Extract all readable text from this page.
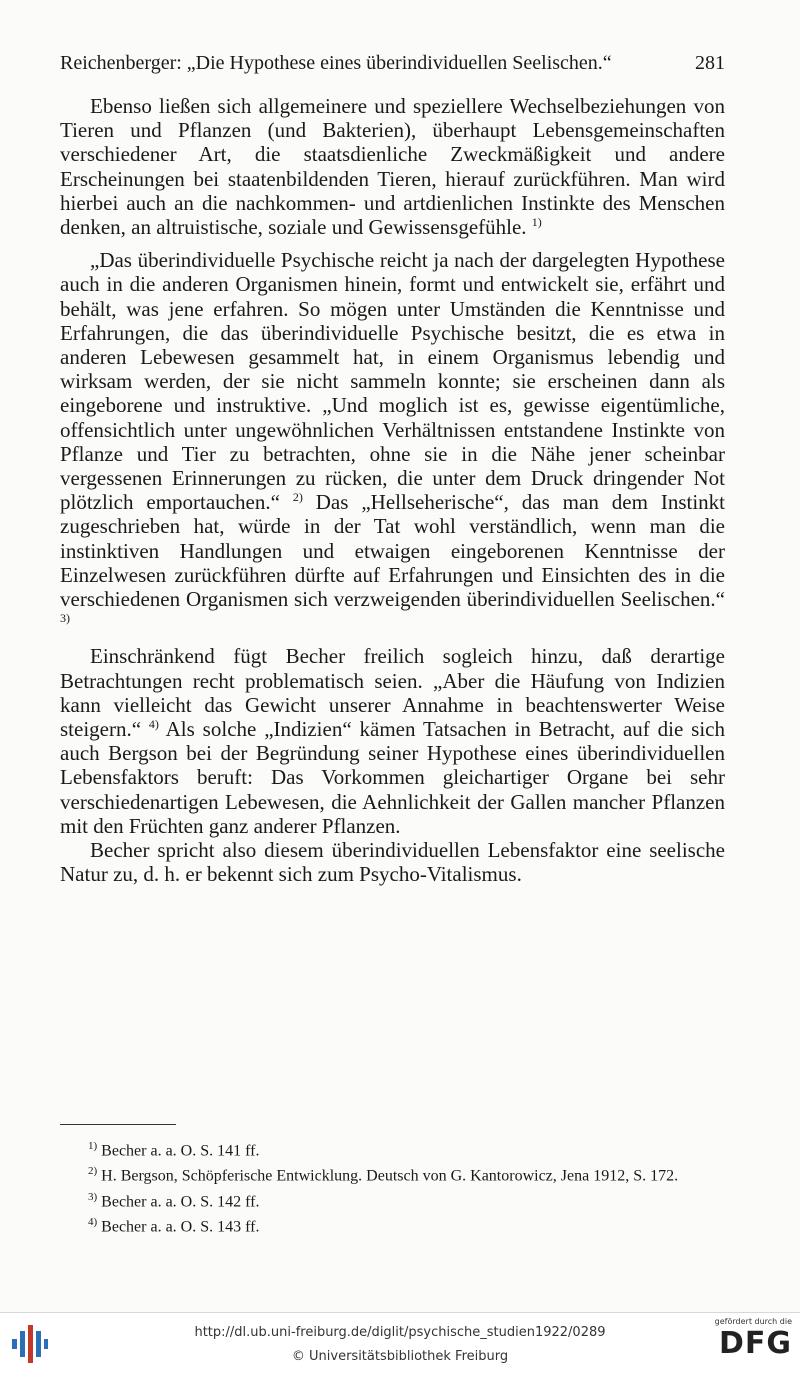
Reichenberger: „Die Hypothese eines überindividuellen Seelischen.“	281

Ebenso ließen sich allgemeinere und speziellere Wechselbeziehungen von Tieren und Pflanzen (und Bakterien), überhaupt Lebensgemeinschaften verschiedener Art, die staatsdienliche Zweckmäßigkeit und andere Erscheinungen bei staatenbildenden Tieren, hierauf zurückführen. Man wird hierbei auch an die nachkommen- und artdienlichen Instinkte des Menschen denken, an altruistische, soziale und Gewissensgefühle. $^{1)}$

„Das überindividuelle Psychische reicht ja nach der dargelegten Hypothese auch in die anderen Organismen hinein, formt und entwickelt sie, erfährt und behält, was jene erfahren. So mögen unter Umständen die Kenntnisse und Erfahrungen, die das überindividuelle Psychische besitzt, die es etwa in anderen Lebewesen gesammelt hat, in einem Organismus lebendig und wirksam werden, der sie nicht sammeln konnte; sie erscheinen dann als eingeborene und instruktive. „Und moglich ist es, gewisse eigentümliche, offensichtlich unter ungewöhnlichen Verhältnissen entstandene Instinkte von Pflanze und Tier zu betrachten, ohne sie in die Nähe jener scheinbar vergessenen Erinnerungen zu rücken, die unter dem Druck dringender Not plötzlich emportauchen.“ $^{2)}$ Das „Hellseherische“, das man dem Instinkt zugeschrieben hat, würde in der Tat wohl verständlich, wenn man die instinktiven Handlungen und etwaigen eingeborenen Kenntnisse der Einzelwesen zurückführen dürfte auf Erfahrungen und Einsichten des in die verschiedenen Organismen sich verzweigenden überindividuellen Seelischen.“ $^{3)}$

Einschränkend fügt Becher freilich sogleich hinzu, daß derartige Betrachtungen recht problematisch seien. „Aber die Häufung von Indizien kann vielleicht das Gewicht unserer Annahme in beachtenswerter Weise steigern.“ $^{4)}$ Als solche „Indizien“ kämen Tatsachen in Betracht, auf die sich auch Bergson bei der Begründung seiner Hypothese eines überindividuellen Lebensfaktors beruft: Das Vorkommen gleichartiger Organe bei sehr verschiedenartigen Lebewesen, die Aehnlichkeit der Gallen mancher Pflanzen mit den Früchten ganz anderer Pflanzen.

Becher spricht also diesem überindividuellen Lebensfaktor eine seelische Natur zu, d. h. er bekennt sich zum Psycho-Vitalismus.

$^{1)}$ Becher a. a. O. S. 141 ff.

$^{2)}$ H. Bergson, Schöpferische Entwicklung. Deutsch von G. Kantorowicz, Jena 1912, S. 172.

$^{3)}$ Becher a. a. O. S. 142 ff.

$^{4)}$ Becher a. a. O. S. 143 ff.

http://dl.ub.uni-freiburg.de/diglit/psychische_studien1922/0289
© Universitätsbibliothek Freiburg
gefördert durch die
DFG
